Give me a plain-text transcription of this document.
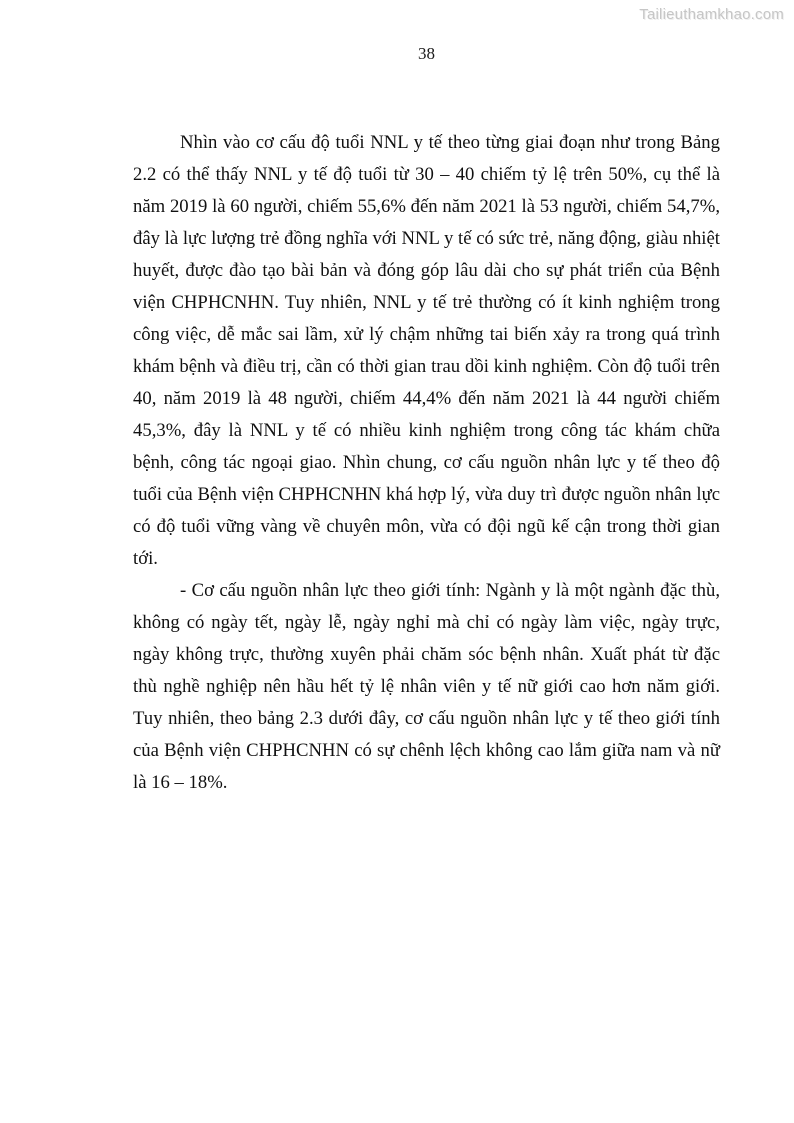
Tailieuthamkhao.com
38

Nhìn vào cơ cấu độ tuổi NNL y tế theo từng giai đoạn như trong Bảng 2.2 có thể thấy NNL y tế độ tuổi từ 30 – 40 chiếm tỷ lệ trên 50%, cụ thể là năm 2019 là 60 người, chiếm 55,6% đến năm 2021 là 53 người, chiếm 54,7%, đây là lực lượng trẻ đồng nghĩa với NNL y tế có sức trẻ, năng động, giàu nhiệt huyết, được đào tạo bài bản và đóng góp lâu dài cho sự phát triển của Bệnh viện CHPHCNHN. Tuy nhiên, NNL y tế trẻ thường có ít kinh nghiệm trong công việc, dễ mắc sai lầm, xử lý chậm những tai biến xảy ra trong quá trình khám bệnh và điều trị, cần có thời gian trau dồi kinh nghiệm. Còn độ tuổi trên 40, năm 2019 là 48 người, chiếm 44,4% đến năm 2021 là 44 người chiếm 45,3%, đây là NNL y tế có nhiều kinh nghiệm trong công tác khám chữa bệnh, công tác ngoại giao. Nhìn chung, cơ cấu nguồn nhân lực y tế theo độ tuổi của Bệnh viện CHPHCNHN khá hợp lý, vừa duy trì được nguồn nhân lực có độ tuổi vững vàng về chuyên môn, vừa có đội ngũ kế cận trong thời gian tới.

- Cơ cấu nguồn nhân lực theo giới tính: Ngành y là một ngành đặc thù, không có ngày tết, ngày lễ, ngày nghỉ mà chỉ có ngày làm việc, ngày trực, ngày không trực, thường xuyên phải chăm sóc bệnh nhân. Xuất phát từ đặc thù nghề nghiệp nên hầu hết tỷ lệ nhân viên y tế nữ giới cao hơn năm giới. Tuy nhiên, theo bảng 2.3 dưới đây, cơ cấu nguồn nhân lực y tế theo giới tính của Bệnh viện CHPHCNHN có sự chênh lệch không cao lắm giữa nam và nữ là 16 – 18%.
